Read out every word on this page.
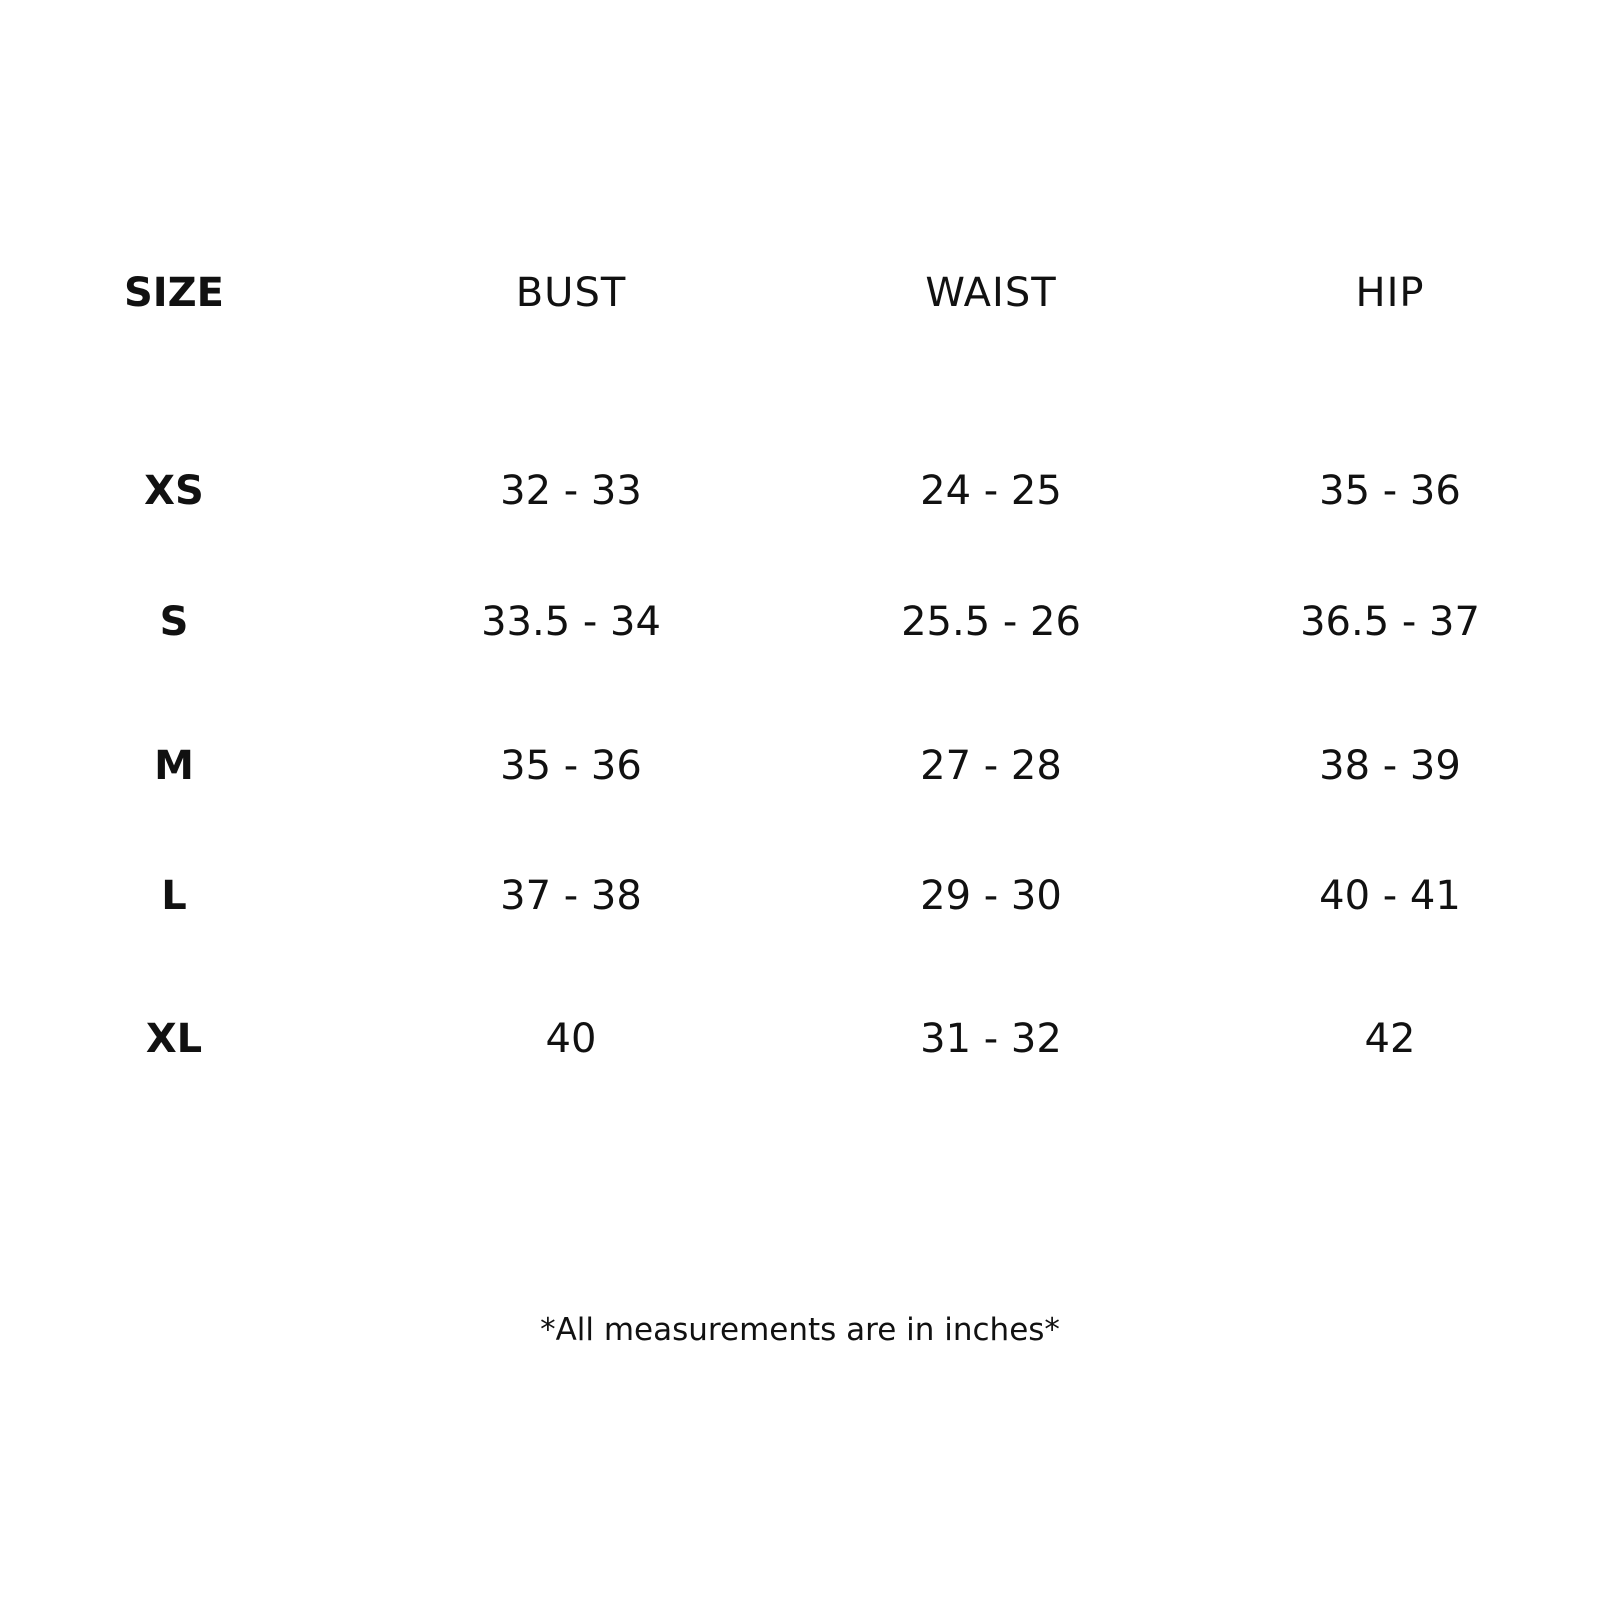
SIZE	BUST	WAIST	HIP
XS	32 - 33	24 - 25	35 - 36
S	33.5 - 34	25.5 - 26	36.5 - 37
M	35 - 36	27 - 28	38 - 39
L	37 - 38	29 - 30	40 - 41
XL	40	31 - 32	42
*All measurements are in inches*
